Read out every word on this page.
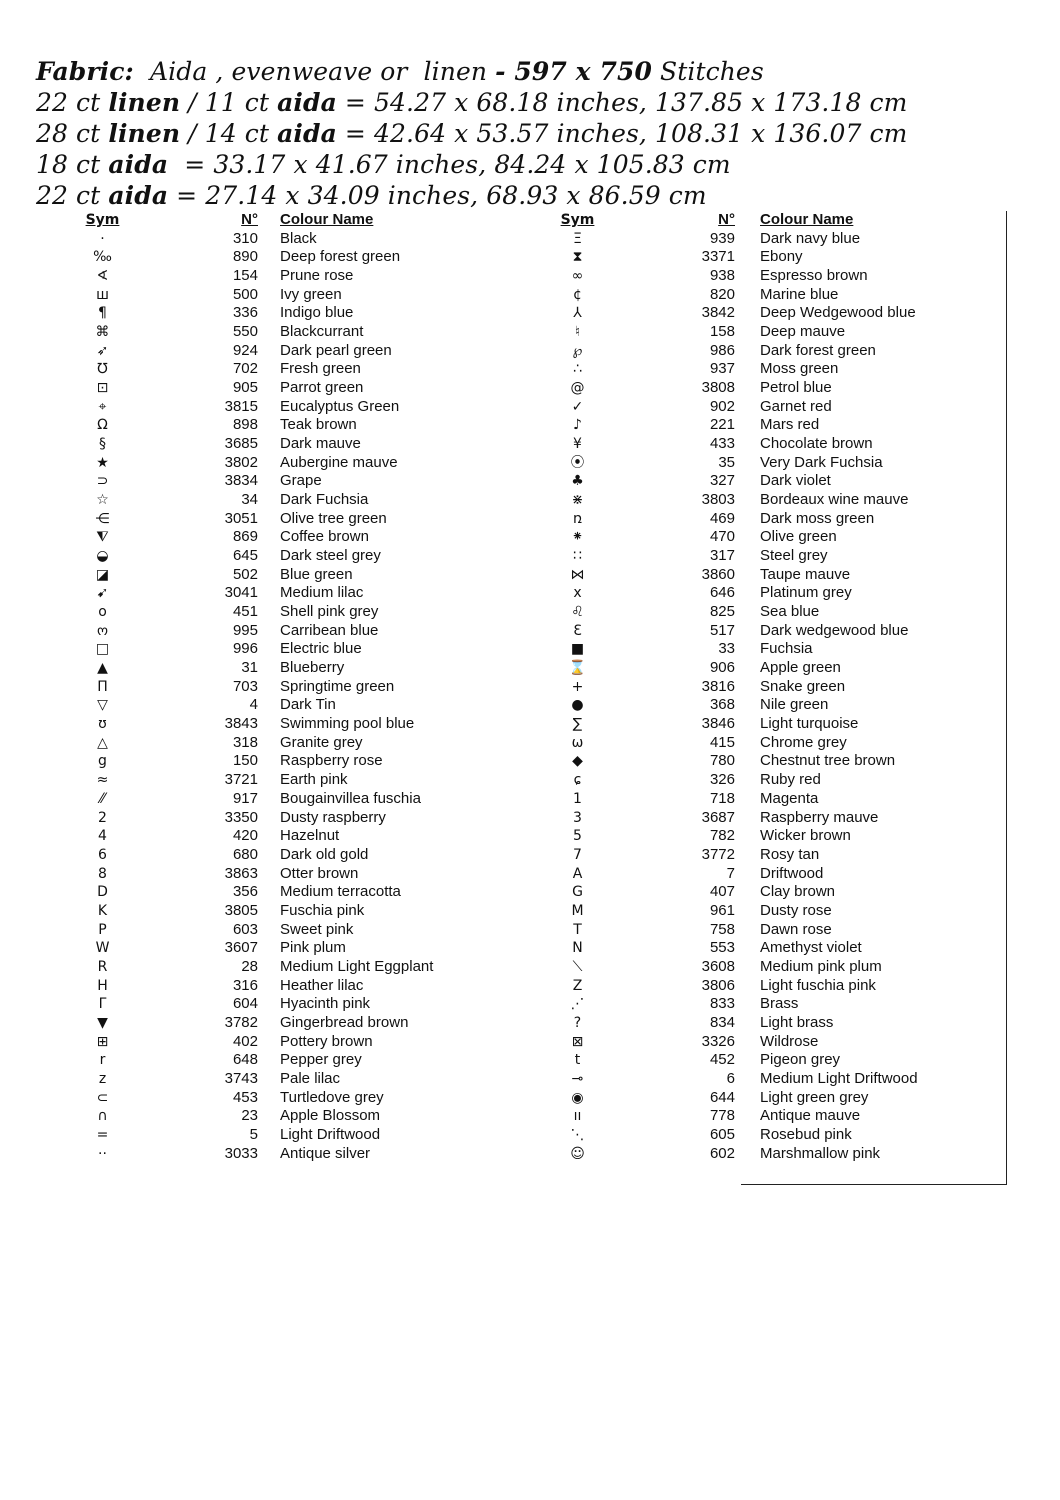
Fabric:  Aida , evenweave or  linen - 597 x 750 Stitches
22 ct linen / 11 ct aida = 54.27 x 68.18 inches, 137.85 x 173.18 cm
28 ct linen / 14 ct aida = 42.64 x 53.57 inches, 108.31 x 136.07 cm
18 ct aida  = 33.17 x 41.67 inches, 84.24 x 105.83 cm
22 ct aida = 27.14 x 34.09 inches, 68.93 x 86.59 cm
Sym	N° Colour Name
·	310 Black
‰	890 Deep forest green
∢	154 Prune rose
ш	500 Ivy green
¶	336 Indigo blue
⌘	550 Blackcurrant
➶	924 Dark pearl green
℧	702 Fresh green
⊡	905 Parrot green
⌖	3815 Eucalyptus Green
Ω	898 Teak brown
§	3685 Dark mauve
★	3802 Aubergine mauve
⊃	3834 Grape
☆	34 Dark Fuchsia
⋲	3051 Olive tree green
⧨	869 Coffee brown
◒	645 Dark steel grey
◪	502 Blue green
➹	3041 Medium lilac
o	451 Shell pink grey
ო	995 Carribean blue
□	996 Electric blue
▲	31 Blueberry
Π	703 Springtime green
▽	4 Dark Tin
ʊ	3843 Swimming pool blue
△	318 Granite grey
g	150 Raspberry rose
≈	3721 Earth pink
⁄⁄	917 Bougainvillea fuschia
2	3350 Dusty raspberry
4	420 Hazelnut
6	680 Dark old gold
8	3863 Otter brown
D	356 Medium terracotta
K	3805 Fuschia pink
P	603 Sweet pink
W	3607 Pink plum
R	28 Medium Light Eggplant
H	316 Heather lilac
Γ	604 Hyacinth pink
▼	3782 Gingerbread brown
⊞	402 Pottery brown
r	648 Pepper grey
z	3743 Pale lilac
⊂	453 Turtledove grey
∩	23 Apple Blossom
=	5 Light Driftwood
⋅⋅	3033 Antique silver
Sym	N° Colour Name
Ξ	939 Dark navy blue
⧗	3371 Ebony
∞	938 Espresso brown
¢	820 Marine blue
⅄	3842 Deep Wedgewood blue
♮	158 Deep mauve
℘	986 Dark forest green
∴	937 Moss green
@	3808 Petrol blue
✓	902 Garnet red
♪	221 Mars red
¥	433 Chocolate brown
⦿	35 Very Dark Fuchsia
♣	327 Dark violet
⋇	3803 Bordeaux wine mauve
ռ	469 Dark moss green
⁕	470 Olive green
∷	317 Steel grey
⋈	3860 Taupe mauve
x	646 Platinum grey
♌	825 Sea blue
Ɛ	517 Dark wedgewood blue
■	33 Fuchsia
⌛	906 Apple green
+	3816 Snake green
●	368 Nile green
∑	3846 Light turquoise
ω	415 Chrome grey
◆	780 Chestnut tree brown
ɕ	326 Ruby red
1	718 Magenta
3	3687 Raspberry mauve
5	782 Wicker brown
7	3772 Rosy tan
A	7 Driftwood
G	407 Clay brown
M	961 Dusty rose
T	758 Dawn rose
N	553 Amethyst violet
⟍	3608 Medium pink plum
Z	3806 Light fuschia pink
⋰	833 Brass
?	834 Light brass
⊠	3326 Wildrose
t	452 Pigeon grey
⊸	6 Medium Light Driftwood
◉	644 Light green grey
ıı	778 Antique mauve
⋱	605 Rosebud pink
☺	602 Marshmallow pink
